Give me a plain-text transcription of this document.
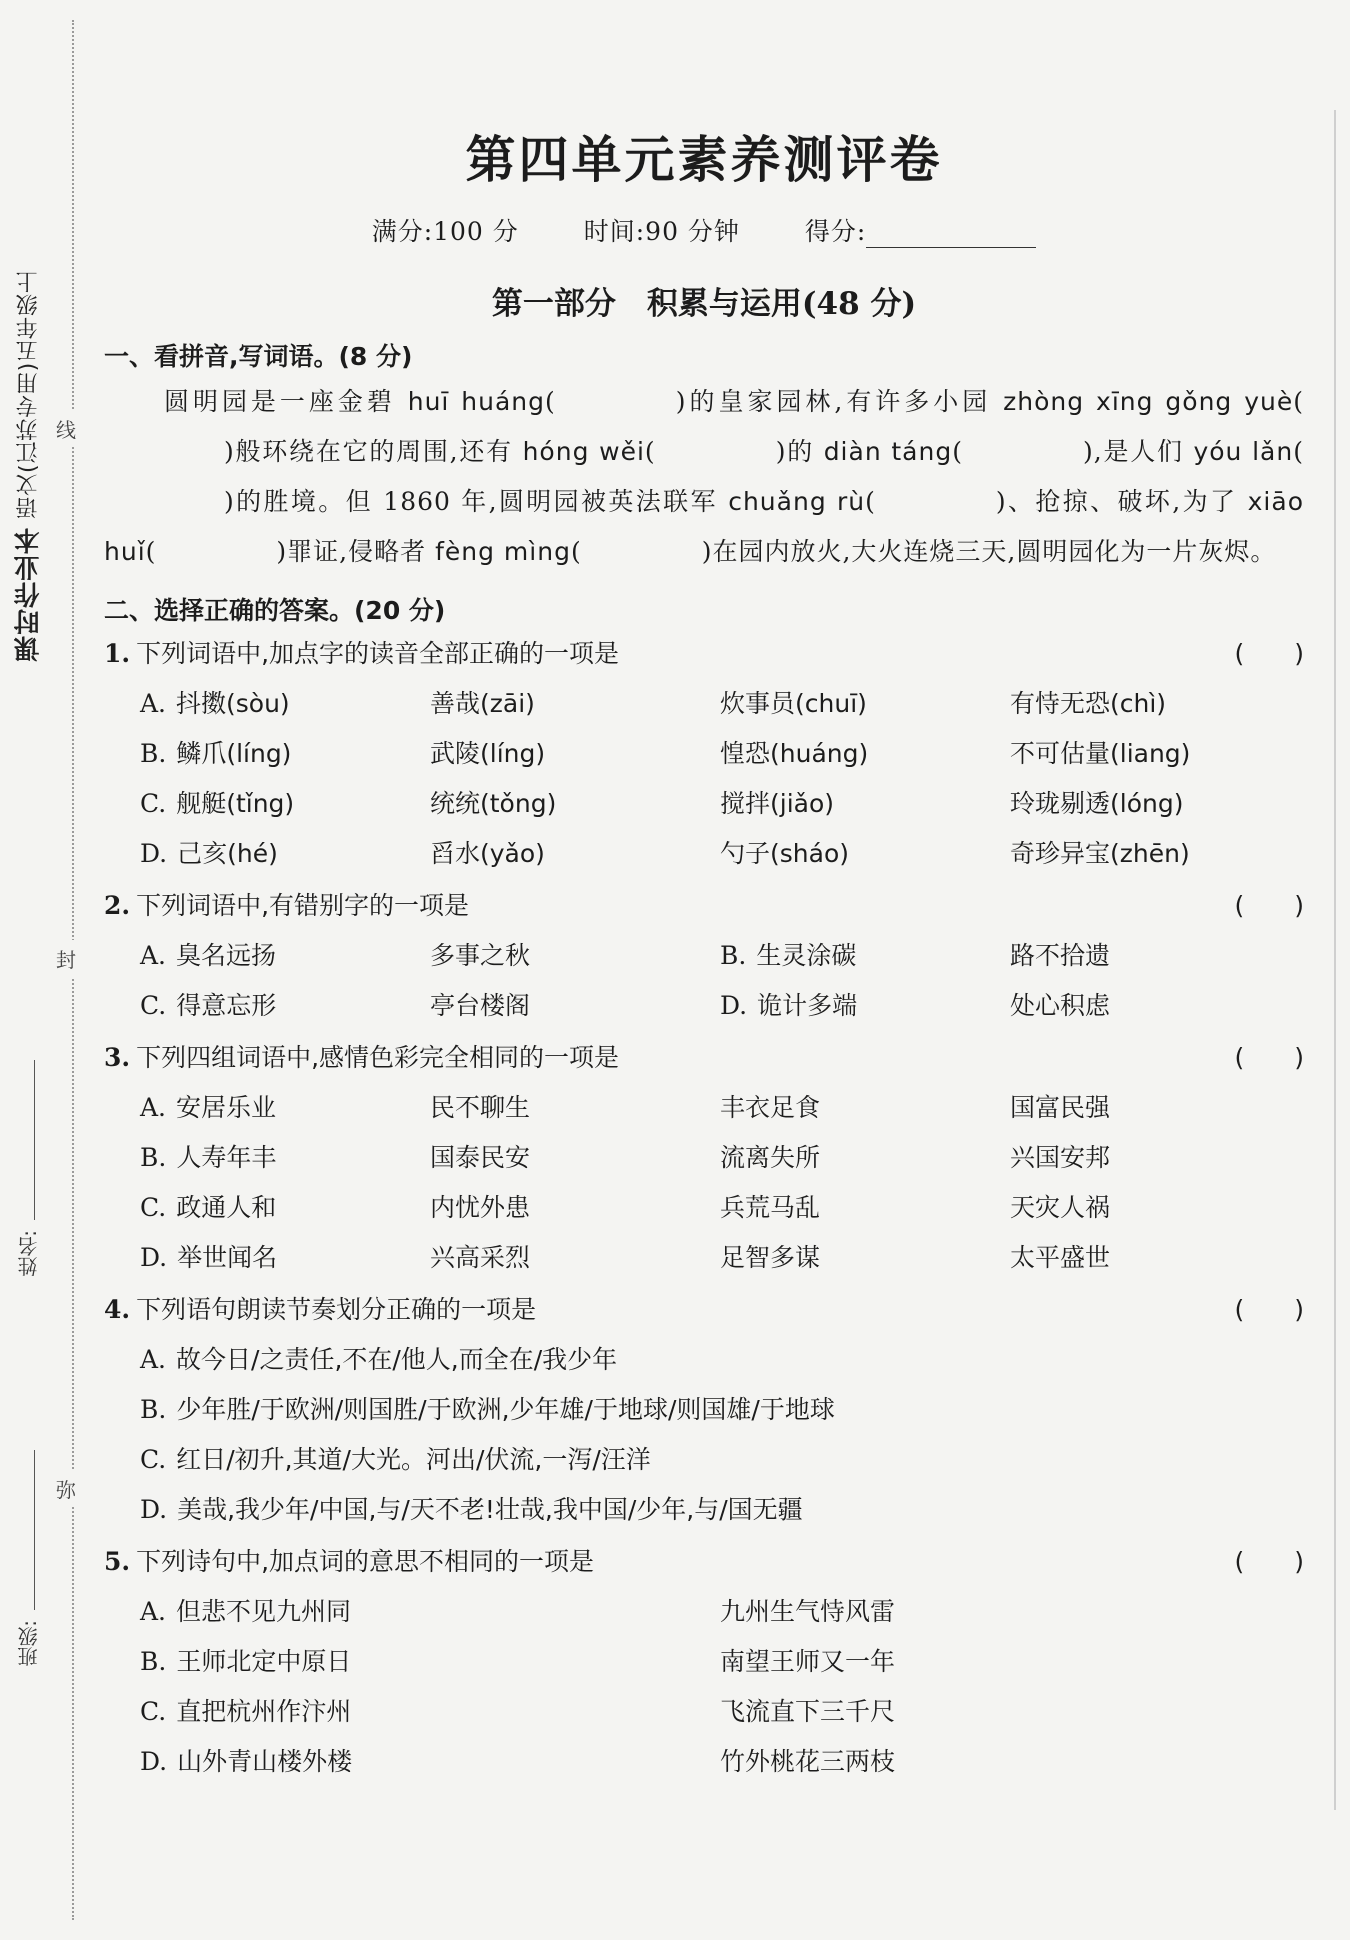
课时作业本 语文(江苏专用)五年级上 线
封
弥
姓名:
班级:
第四单元素养测评卷
满分:100 分	时间:90 分钟	得分:
第一部分　积累与运用(48 分)
一、看拼音,写词语。(8 分)
圆明园是一座金碧 huī huáng(	)的皇家园林,有许多小园 zhòng xīng gǒng yuè()般环绕在它的周围,还有 hóng wěi(	)的 diàn táng(	),是人们 yóu lǎn()的胜境。但 1860 年,圆明园被英法联军 chuǎng rù(	)、抢掠、破坏,为了 xiāo huǐ(	)罪证,侵略者 fèng mìng(	)在园内放火,大火连烧三天,圆明园化为一片灰烬。
二、选择正确的答案。(20 分)
1. 下列词语中,加点字的读音全部正确的一项是	(　　)
A. 抖擞(sòu)	善哉(zāi)	炊事员(chuī)	有恃无恐(chì)
B. 鳞爪(líng)	武陵(líng)	惶恐(huáng)	不可估量(liang)
C. 舰艇(tǐng)	统统(tǒng)	搅拌(jiǎo)	玲珑剔透(lóng)
D. 己亥(hé)	舀水(yǎo)	勺子(sháo)	奇珍异宝(zhēn)
2. 下列词语中,有错别字的一项是	(　　)
A. 臭名远扬	多事之秋	B. 生灵涂碳	路不拾遗
C. 得意忘形	亭台楼阁	D. 诡计多端	处心积虑
3. 下列四组词语中,感情色彩完全相同的一项是	(　　)
A. 安居乐业	民不聊生	丰衣足食	国富民强
B. 人寿年丰	国泰民安	流离失所	兴国安邦
C. 政通人和	内忧外患	兵荒马乱	天灾人祸
D. 举世闻名	兴高采烈	足智多谋	太平盛世
4. 下列语句朗读节奏划分正确的一项是	(　　)
A. 故今日/之责任,不在/他人,而全在/我少年
B. 少年胜/于欧洲/则国胜/于欧洲,少年雄/于地球/则国雄/于地球
C. 红日/初升,其道/大光。河出/伏流,一泻/汪洋
D. 美哉,我少年/中国,与/天不老!壮哉,我中国/少年,与/国无疆
5. 下列诗句中,加点词的意思不相同的一项是	(　　)
A. 但悲不见九州同	九州生气恃风雷
B. 王师北定中原日	南望王师又一年
C. 直把杭州作汴州	飞流直下三千尺
D. 山外青山楼外楼	竹外桃花三两枝
